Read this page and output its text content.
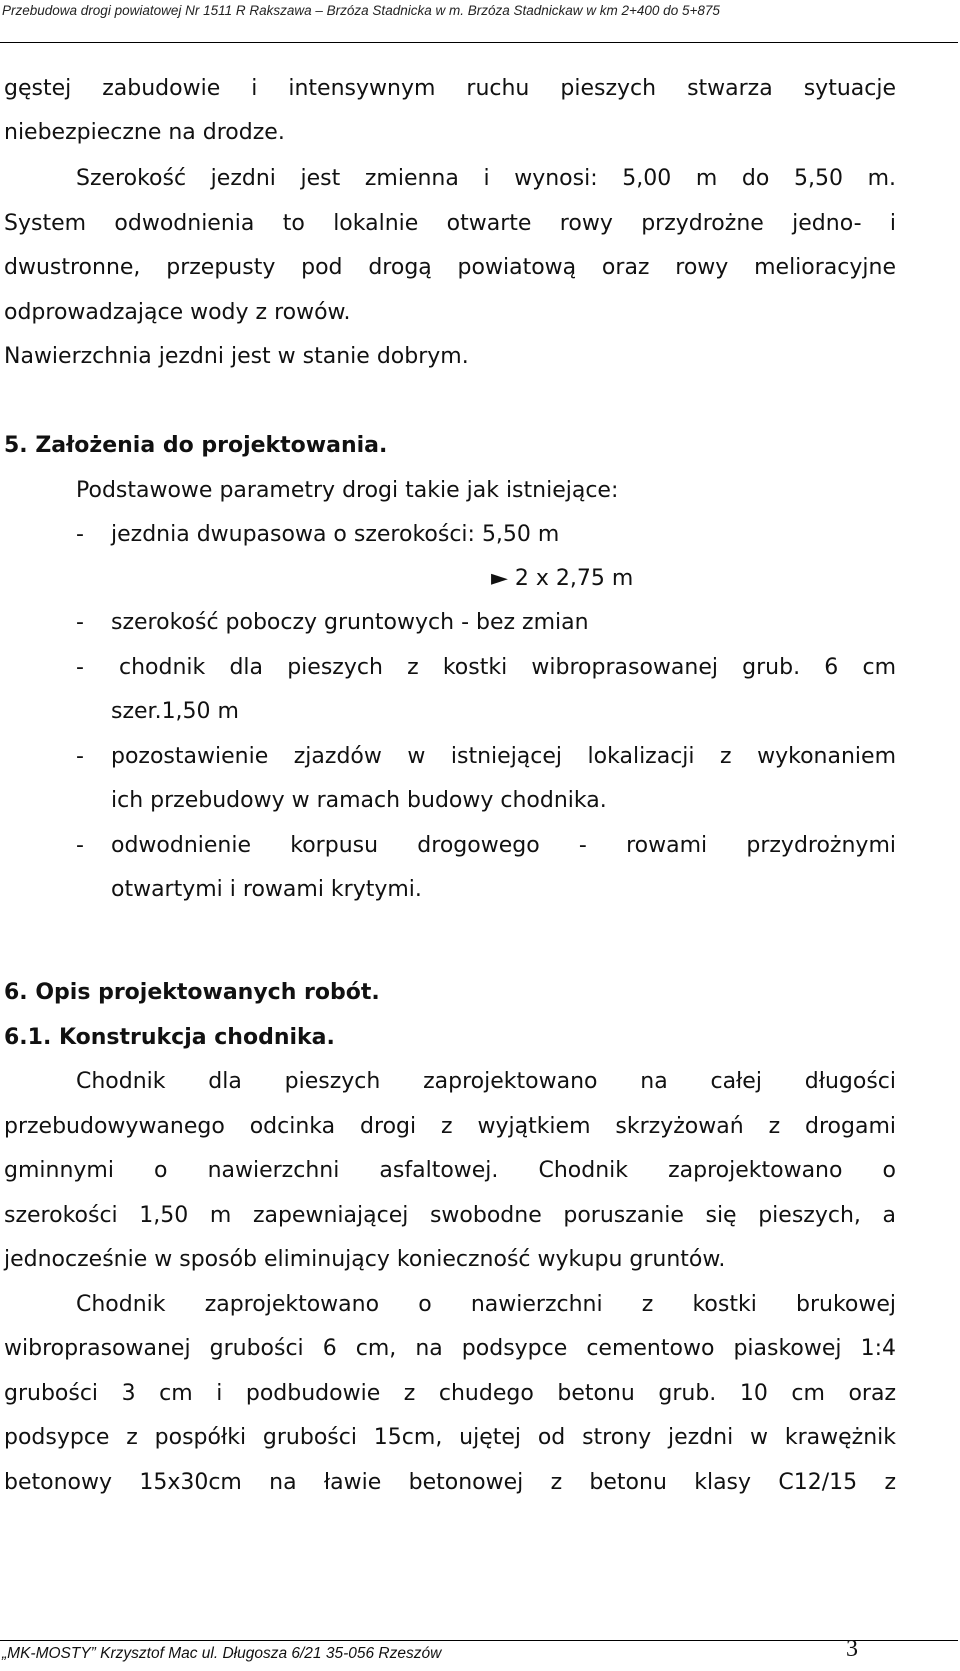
Przebudowa drogi powiatowej Nr 1511 R Rakszawa – Brzóza Stadnicka w m. Brzóza Stadnickaw w km 2+400 do 5+875
gęstej zabudowie i intensywnym ruchu pieszych stwarza sytuacje
niebezpieczne na drodze.
Szerokość jezdni jest zmienna i wynosi: 5,00 m do 5,50 m.
System odwodnienia to lokalnie otwarte rowy przydrożne jedno- i
dwustronne, przepusty pod drogą powiatową oraz rowy melioracyjne
odprowadzające wody z rowów.
Nawierzchnia jezdni jest w stanie dobrym.
5. Założenia do projektowania.
Podstawowe parametry drogi takie jak istniejące:
- jezdnia dwupasowa o szerokości: 5,50 m
► 2 x 2,75 m
- szerokość poboczy gruntowych - bez zmian
- chodnik dla pieszych z kostki wibroprasowanej grub. 6 cm
szer.1,50 m
- pozostawienie zjazdów w istniejącej lokalizacji z wykonaniem
ich przebudowy w ramach budowy chodnika.
- odwodnienie korpusu drogowego - rowami przydrożnymi
otwartymi i rowami krytymi.
6. Opis projektowanych robót.
6.1. Konstrukcja chodnika.
Chodnik dla pieszych zaprojektowano na całej długości
przebudowywanego odcinka drogi z wyjątkiem skrzyżowań z drogami
gminnymi o nawierzchni asfaltowej. Chodnik zaprojektowano o
szerokości 1,50 m zapewniającej swobodne poruszanie się pieszych, a
jednocześnie w sposób eliminujący konieczność wykupu gruntów.
Chodnik zaprojektowano o nawierzchni z kostki brukowej
wibroprasowanej grubości 6 cm, na podsypce cementowo piaskowej 1:4
grubości 3 cm i podbudowie z chudego betonu grub. 10 cm oraz
podsypce z pospółki grubości 15cm, ujętej od strony jezdni w krawężnik
betonowy 15x30cm na ławie betonowej z betonu klasy C12/15 z
„MK-MOSTY” Krzysztof Mac ul. Długosza 6/21 35-056 Rzeszów	3
